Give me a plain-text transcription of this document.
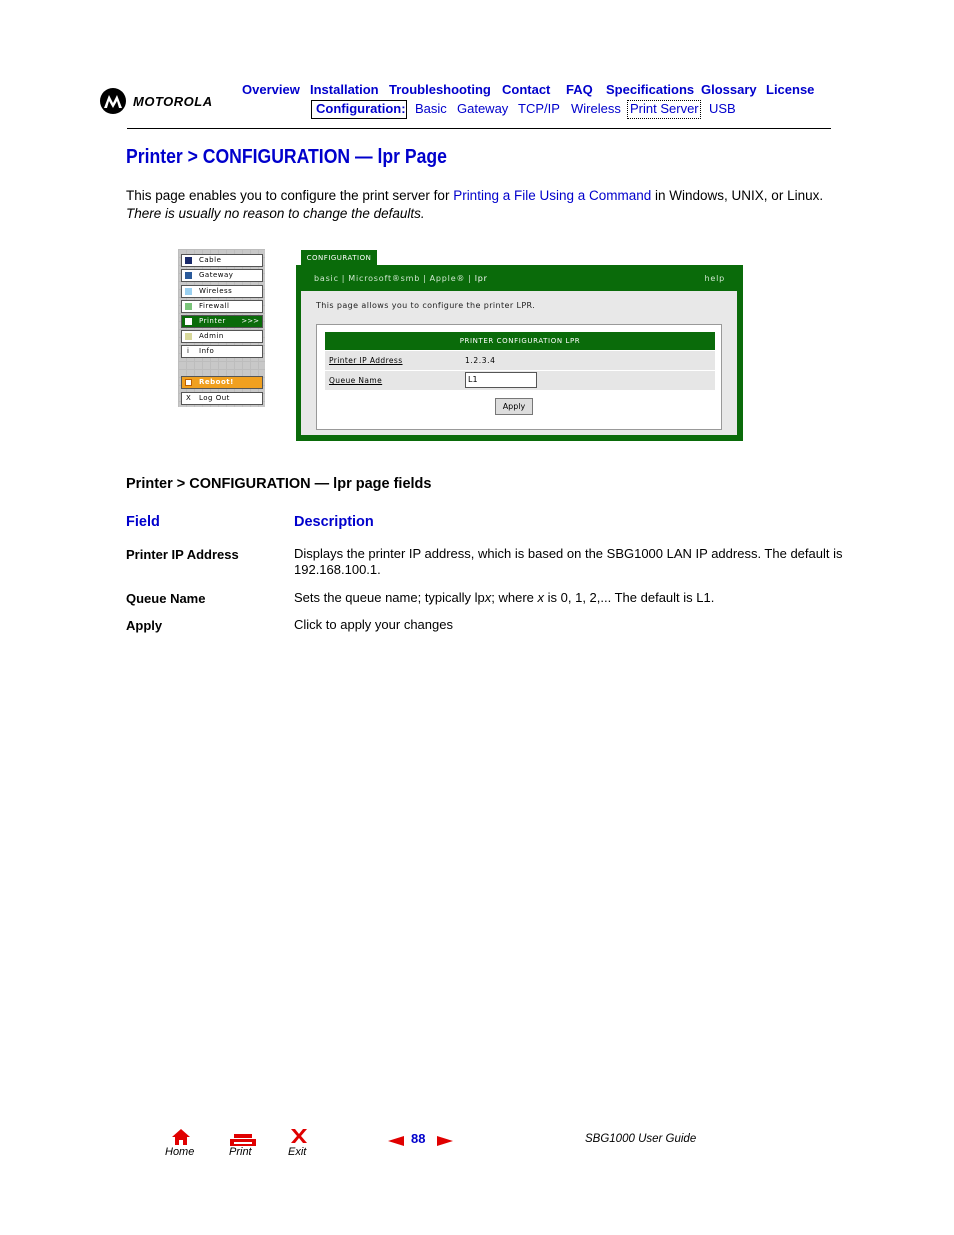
MOTOROLA
Overview Installation Troubleshooting Contact FAQ Specifications Glossary License
Configuration: Basic Gateway TCP/IP Wireless Print Server USB
Printer > CONFIGURATION — lpr Page
This page enables you to configure the print server for Printing a File Using a Command in Windows, UNIX, or Linux. There is usually no reason to change the defaults.
Cable
Gateway
Wireless
Firewall
Printer >>>
Admin
i Info
Reboot!
X Log Out
CONFIGURATION
basic | Microsoft®smb | Apple® | lpr	help
This page allows you to configure the printer LPR.
PRINTER CONFIGURATION LPR
Printer IP Address	1.2.3.4
Queue Name	L1
Apply
Printer > CONFIGURATION — lpr page fields
Field	Description
Printer IP Address	Displays the printer IP address, which is based on the SBG1000 LAN IP address. The default is 192.168.100.1.
Queue Name	Sets the queue name; typically lpx; where x is 0, 1, 2,... The default is L1.
Apply	Click to apply your changes
Home	Print	Exit
88	SBG1000 User Guide
